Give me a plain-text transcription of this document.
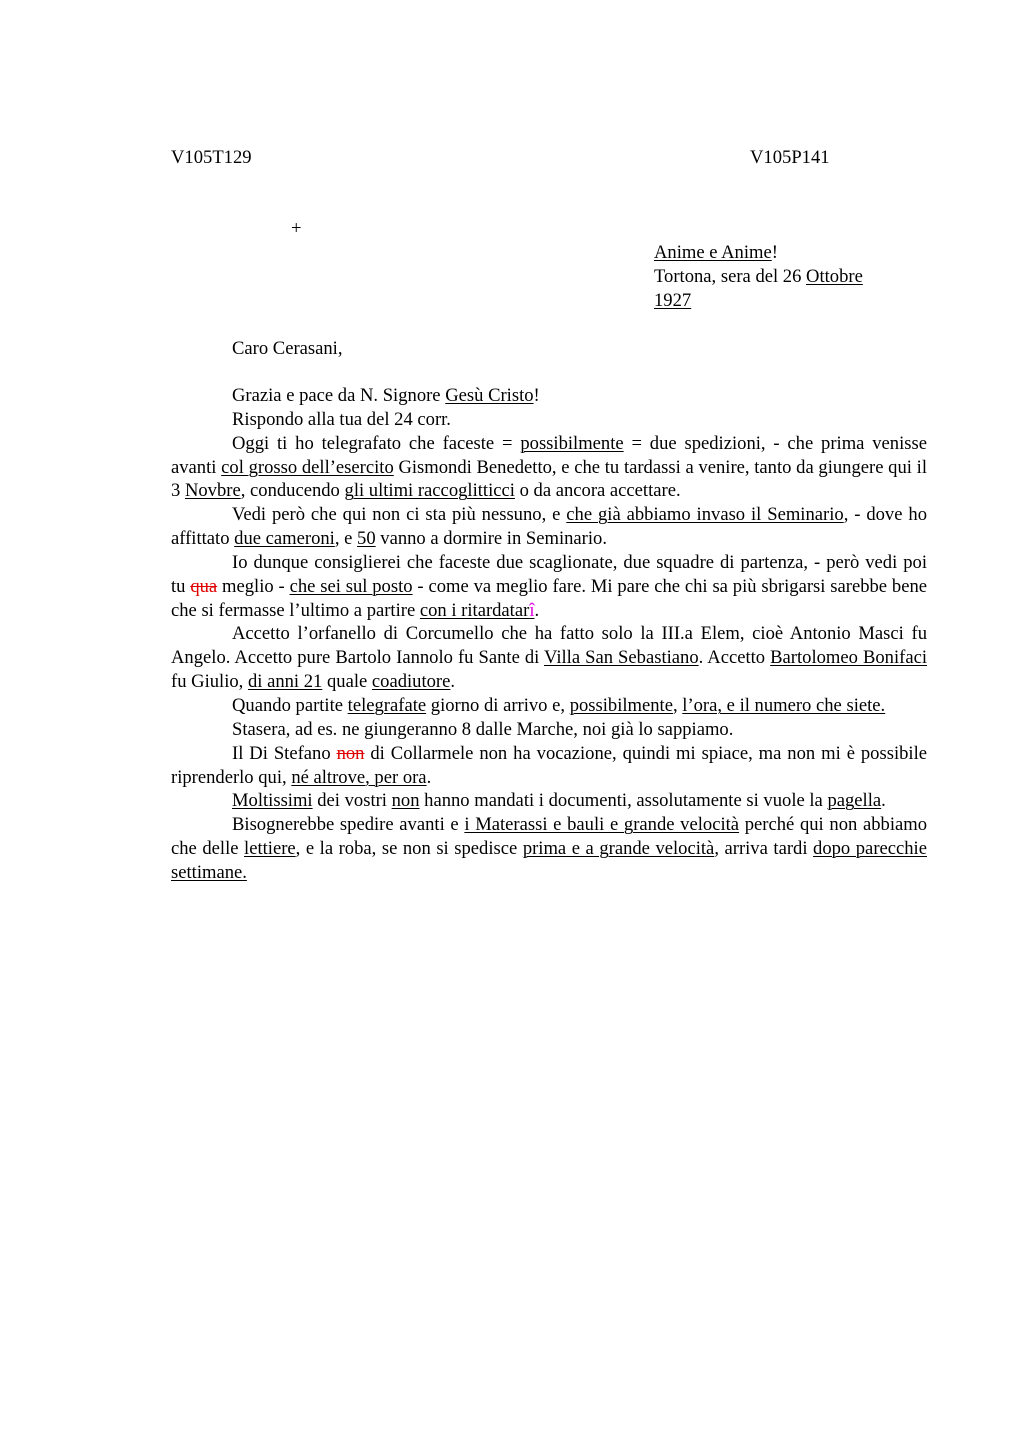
V105T129	V105P141
+
Anime e Anime!
Tortona, sera del 26 Ottobre
1927
Caro Cerasani,

Grazia e pace da N. Signore Gesù Cristo!

Rispondo alla tua del 24 corr.

Oggi ti ho telegrafato che faceste = possibilmente = due spedizioni, - che prima venisse avanti col grosso dell’esercito Gismondi Benedetto, e che tu tardassi a venire, tanto da giungere qui il 3 Novbre, conducendo gli ultimi raccoglitticci o da ancora accettare.

Vedi però che qui non ci sta più nessuno, e che già abbiamo invaso il Seminario, - dove ho affittato due cameroni, e 50 vanno a dormire in Seminario.

Io dunque consiglierei che faceste due scaglionate, due squadre di partenza, - però vedi poi tu qua meglio - che sei sul posto - come va meglio fare. Mi pare che chi sa più sbrigarsi sarebbe bene che si fermasse l’ultimo a partire con i ritardatarî.

Accetto l’orfanello di Corcumello che ha fatto solo la III.a Elem, cioè Antonio Masci fu Angelo. Accetto pure Bartolo Iannolo fu Sante di Villa San Sebastiano. Accetto Bartolomeo Bonifaci fu Giulio, di anni 21 quale coadiutore.

Quando partite telegrafate giorno di arrivo e, possibilmente, l’ora, e il numero che siete.

Stasera, ad es. ne giungeranno 8 dalle Marche, noi già lo sappiamo.

Il Di Stefano non di Collarmele non ha vocazione, quindi mi spiace, ma non mi è possibile riprenderlo qui, né altrove, per ora.

Moltissimi dei vostri non hanno mandati i documenti, assolutamente si vuole la pagella.

Bisognerebbe spedire avanti e i Materassi e bauli e grande velocità perché qui non abbiamo che delle lettiere, e la roba, se non si spedisce prima e a grande velocità, arriva tardi dopo parecchie settimane.
